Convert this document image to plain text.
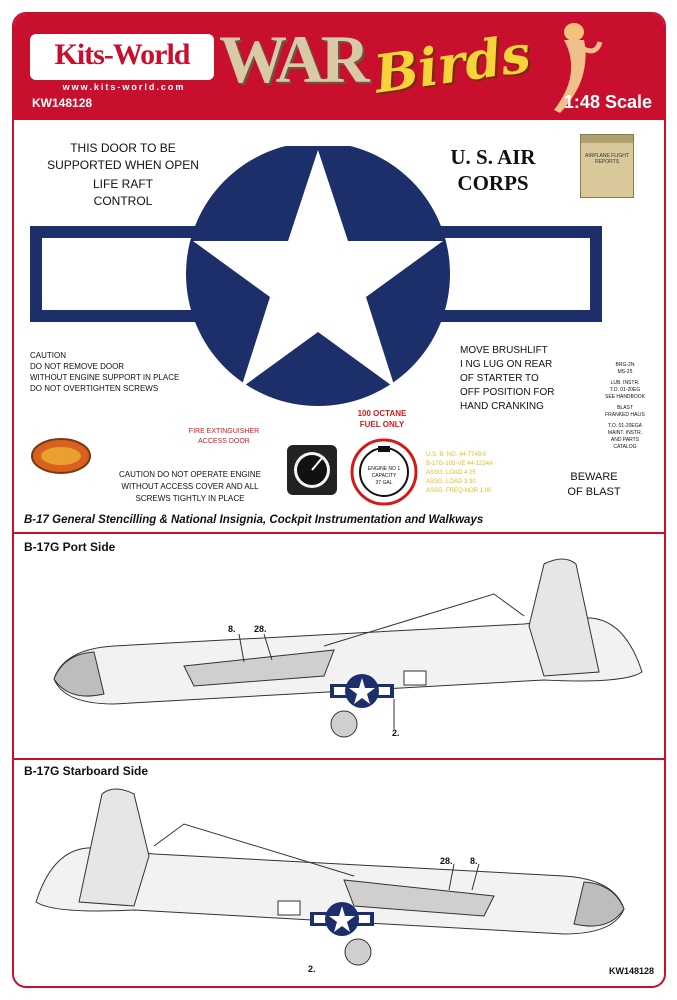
Kits-World
www.kits-world.com
KW148128
WAR Birds 1:48 Scale
THIS DOOR TO BE
SUPPORTED WHEN OPEN
LIFE RAFT
CONTROL
U. S. AIR
CORPS
AIRPLANE FLIGHT REPORTS
CAUTION
DO NOT REMOVE DOOR
WITHOUT ENGINE SUPPORT IN PLACE
DO NOT OVERTIGHTEN SCREWS
MOVE BRUSHLIFT
I NG LUG ON REAR
OF STARTER TO
OFF POSITION FOR
HAND CRANKING
BRG-2N
MS-25
LUB. INSTR.
T.O. 01-20EG
SEE HANDBOOK
BLAST
FRANKED HALIS
T.O. 01-20EGA
MAINT. INSTR.
AND PARTS
CATALOG
FIRE EXTINGUISHER
ACCESS DOOR
100 OCTANE
FUEL ONLY
ENGINE NO 1
CAPACITY
37 GAL
U.S. B. NO. 44-7748-0
B-17G-105-VE 44-1234A
ASSG. LOAD 4 25
ASSG. LOAD 3 30
ASSG. FREQ-NOR 1.00
CAUTION DO NOT OPERATE ENGINE
WITHOUT ACCESS COVER AND ALL
SCREWS TIGHTLY IN PLACE
BEWARE
OF BLAST
B-17 General Stencilling & National Insignia, Cockpit Instrumentation and Walkways
B-17G Port Side
8. 28.
2.
B-17G Starboard Side
28. 8.
2.	KW148128
